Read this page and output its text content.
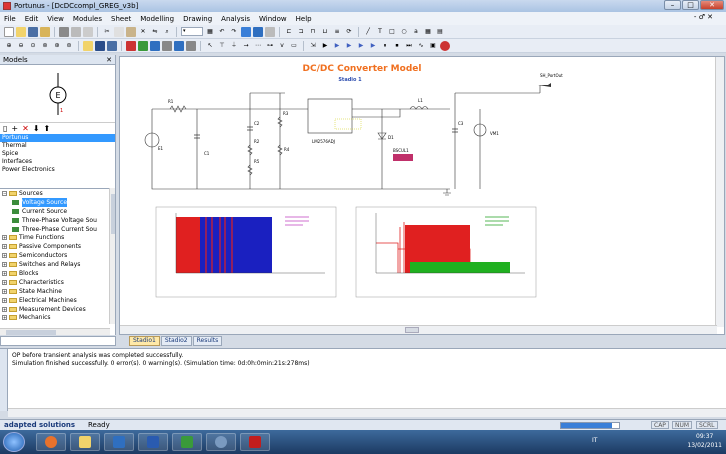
Portunus - [DcDCcompl_GREG_v3b]	–	□	✕
File Edit View Modules Sheet Modelling Drawing Analysis Window Help	- ♂ ✕
✂	✕	⇋	⌕	▾	▦	↶	↷	⊏	⊐	⊓	⊔	≡	⟳	╱	T	□	○	a	▦	▤
⊕	⊖	⊙	⊚	⊛	⊜	↖	⊤	⏚	→	⋯	⊶	v	▭	⇲	▶	▶	▶	▶	▶	⏸	⏹	⏭	∿	▣
Models	✕
E
1
▯ + ✕ ⬇ ⬆
Portunus
Thermal
Spice
Interfaces
Power Electronics
− Sources
Voltage Source
Current Source
Three-Phase Voltage Sou
Three-Phase Current Sou
+ Time Functions
+ Passive Components
+ Semiconductors
+ Switches and Relays
+ Blocks
+ Characteristics
+ State Machine
+ Electrical Machines
+ Measurement Devices
+ Mechanics
DC/DC Converter Model
Stadio 1
SH_PortOut
R1
E1
C1
C2
R3
R2
R4
R5
LM2576ADJ
L1
D1
C3
VM1
BSCUL1
Stadio1	Stadio2	Results
OP before transient analysis was completed successfully.
Simulation finished successfully. 0 error(s). 0 warning(s). (Simulation time: 0d:0h:0min:21s:278ms)
adapted solutions	Ready	CAP	NUM	SCRL
IT
09:37
13/02/2011
